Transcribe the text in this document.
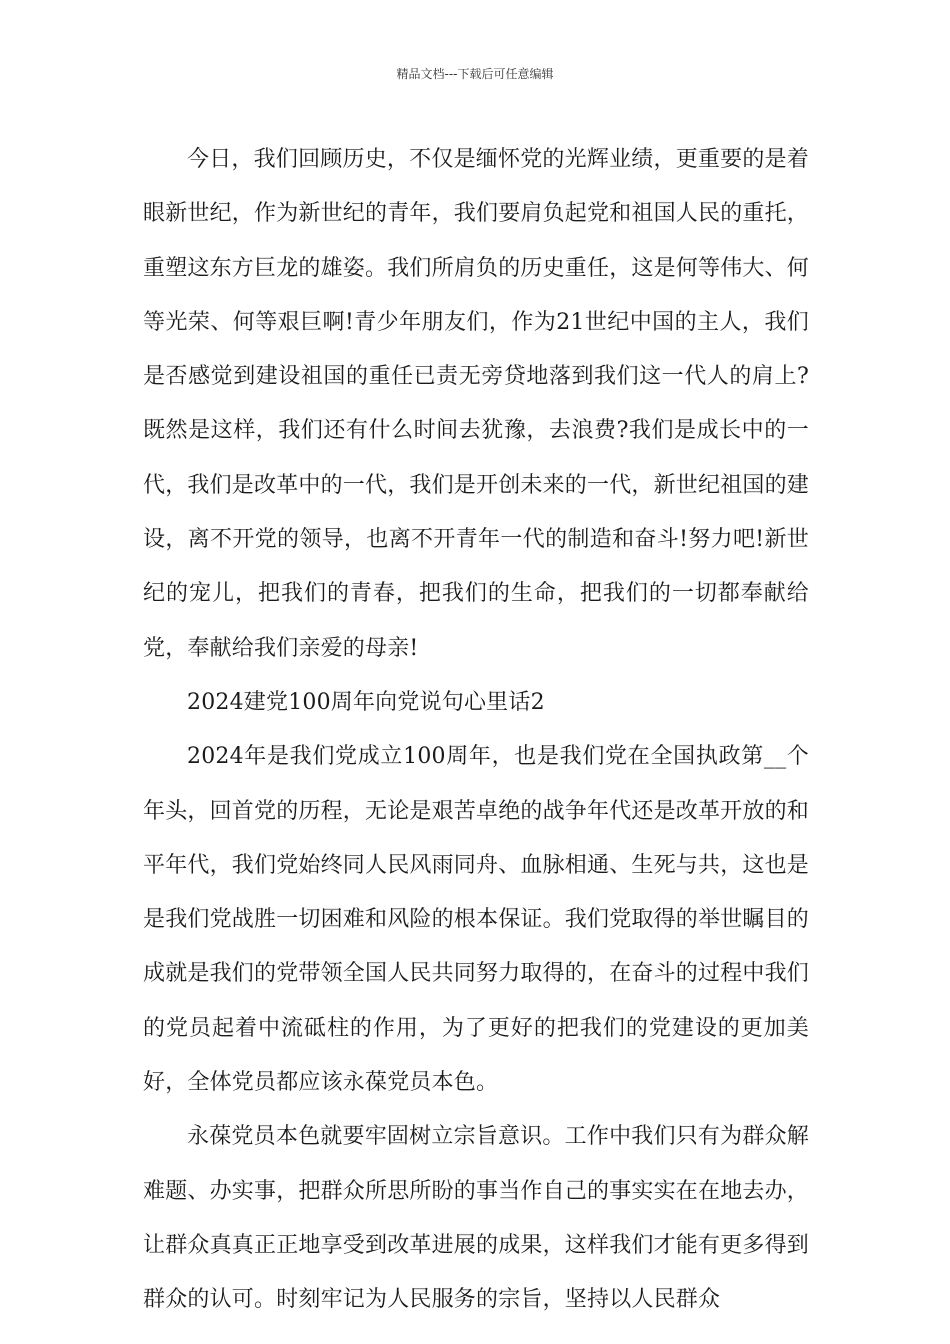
精品文档---下载后可任意编辑

今日，我们回顾历史，不仅是缅怀党的光辉业绩，更重要的是着眼新世纪，作为新世纪的青年，我们要肩负起党和祖国人民的重托，重塑这东方巨龙的雄姿。我们所肩负的历史重任，这是何等伟大、何等光荣、何等艰巨啊!青少年朋友们，作为21世纪中国的主人，我们是否感觉到建设祖国的重任已责无旁贷地落到我们这一代人的肩上?既然是这样，我们还有什么时间去犹豫，去浪费?我们是成长中的一代，我们是改革中的一代，我们是开创未来的一代，新世纪祖国的建设，离不开党的领导，也离不开青年一代的制造和奋斗!努力吧!新世纪的宠儿，把我们的青春，把我们的生命，把我们的一切都奉献给党，奉献给我们亲爱的母亲!

2024建党100周年向党说句心里话2

2024年是我们党成立100周年，也是我们党在全国执政第__个年头，回首党的历程，无论是艰苦卓绝的战争年代还是改革开放的和平年代，我们党始终同人民风雨同舟、血脉相通、生死与共，这也是是我们党战胜一切困难和风险的根本保证。我们党取得的举世瞩目的成就是我们的党带领全国人民共同努力取得的，在奋斗的过程中我们的党员起着中流砥柱的作用，为了更好的把我们的党建设的更加美好，全体党员都应该永葆党员本色。

永葆党员本色就要牢固树立宗旨意识。工作中我们只有为群众解难题、办实事，把群众所思所盼的事当作自己的事实实在在地去办，让群众真真正正地享受到改革进展的成果，这样我们才能有更多得到群众的认可。时刻牢记为人民服务的宗旨，坚持以人民群众
